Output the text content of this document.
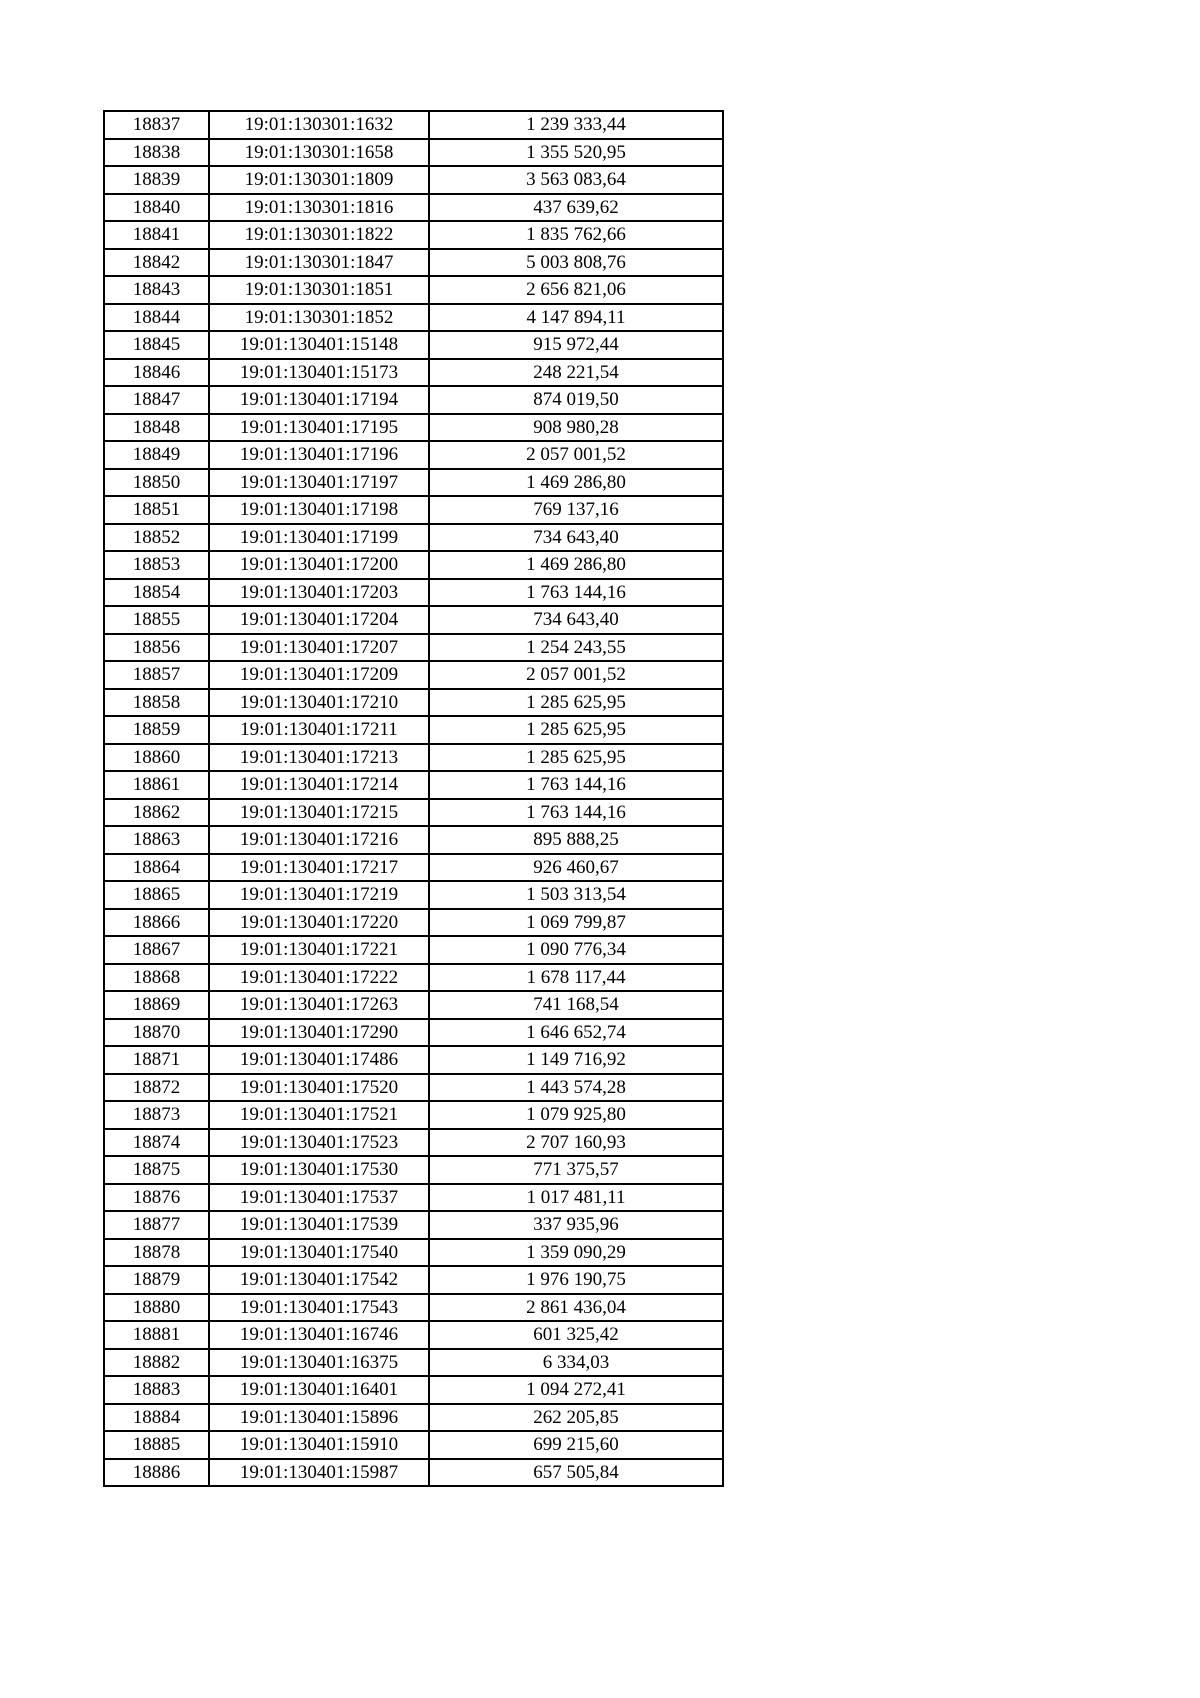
18837	19:01:130301:1632	1 239 333,44
18838	19:01:130301:1658	1 355 520,95
18839	19:01:130301:1809	3 563 083,64
18840	19:01:130301:1816	437 639,62
18841	19:01:130301:1822	1 835 762,66
18842	19:01:130301:1847	5 003 808,76
18843	19:01:130301:1851	2 656 821,06
18844	19:01:130301:1852	4 147 894,11
18845	19:01:130401:15148	915 972,44
18846	19:01:130401:15173	248 221,54
18847	19:01:130401:17194	874 019,50
18848	19:01:130401:17195	908 980,28
18849	19:01:130401:17196	2 057 001,52
18850	19:01:130401:17197	1 469 286,80
18851	19:01:130401:17198	769 137,16
18852	19:01:130401:17199	734 643,40
18853	19:01:130401:17200	1 469 286,80
18854	19:01:130401:17203	1 763 144,16
18855	19:01:130401:17204	734 643,40
18856	19:01:130401:17207	1 254 243,55
18857	19:01:130401:17209	2 057 001,52
18858	19:01:130401:17210	1 285 625,95
18859	19:01:130401:17211	1 285 625,95
18860	19:01:130401:17213	1 285 625,95
18861	19:01:130401:17214	1 763 144,16
18862	19:01:130401:17215	1 763 144,16
18863	19:01:130401:17216	895 888,25
18864	19:01:130401:17217	926 460,67
18865	19:01:130401:17219	1 503 313,54
18866	19:01:130401:17220	1 069 799,87
18867	19:01:130401:17221	1 090 776,34
18868	19:01:130401:17222	1 678 117,44
18869	19:01:130401:17263	741 168,54
18870	19:01:130401:17290	1 646 652,74
18871	19:01:130401:17486	1 149 716,92
18872	19:01:130401:17520	1 443 574,28
18873	19:01:130401:17521	1 079 925,80
18874	19:01:130401:17523	2 707 160,93
18875	19:01:130401:17530	771 375,57
18876	19:01:130401:17537	1 017 481,11
18877	19:01:130401:17539	337 935,96
18878	19:01:130401:17540	1 359 090,29
18879	19:01:130401:17542	1 976 190,75
18880	19:01:130401:17543	2 861 436,04
18881	19:01:130401:16746	601 325,42
18882	19:01:130401:16375	6 334,03
18883	19:01:130401:16401	1 094 272,41
18884	19:01:130401:15896	262 205,85
18885	19:01:130401:15910	699 215,60
18886	19:01:130401:15987	657 505,84
